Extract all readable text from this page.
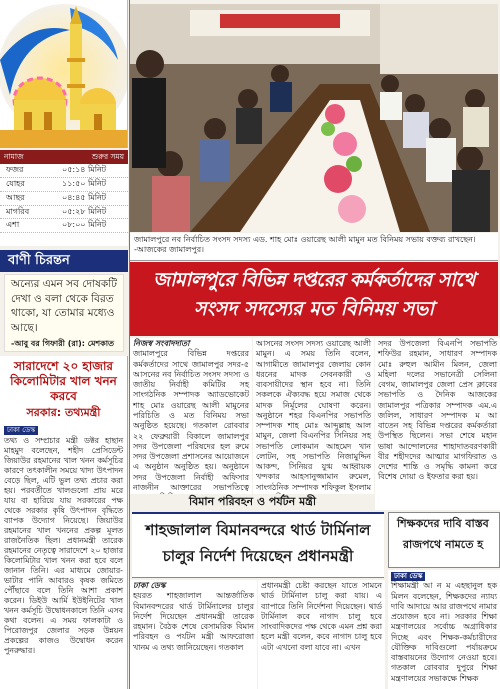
নামাজ	শুরুর সময়
ফজর	০৫:১৪ মিনিট
যোহর	১১:৫০ মিনিট
আছর	০৪:৪৫ মিনিট
মাগরিব	০৫:২৮ মিনিট
এশা	০৮:০০ মিনিট
বাণী চিরন্তন
অন্যের এমন সব দোষকটি দেখা ও বলা থেকে বিরত থাকো, যা তোমার মধ্যেও আছে।
-আবু বর গিফারী (রা): মেশকাত
সারাদেশে ২০ হাজার কিলোমিটার খাল খনন করবে
সরকার: তথ্যমন্ত্রী
ঢাকা ডেস্ক

তথ্য ও সম্প্রচার মন্ত্রী ডক্টর হাছান মাহমুদ বলেছেন, শহীদ প্রেসিডেন্ট জিয়াউর রহমানের খাল খনন কর্মসূচির কারণে তৎকালীন সময়ে খাদ্য উৎপাদন বেড়ে ছিল, এটি ভুল তথ্য প্রচার করা হয়। পরবর্তীতে খালগুলো প্রায় মরে যায় বা হারিয়ে যায় সরকারের পক্ষ থেকে সরকার কৃষি উৎপাদন বৃদ্ধিতে ব্যাপক উদ্যোগ নিয়েছে। জিয়াউর রহমানের খাল খননের প্রকল্প মূলত রাজনৈতিক ছিল। প্রধানমন্ত্রী তারেক রহমানের নেতৃত্বে সারাদেশে ২০ হাজার কিলোমিটার খাল খনন করা হবে বলে জানান তিনি। এর মাধ্যমে জোয়ার-ভাটার পানি আবারও কৃষক জমিতে পৌঁছাবে বলে তিনি আশা প্রকাশ করেন। ডিইউ আর্মি ইউইনিটের খাল খনন কর্মসূচি উদ্বোধনকালে তিনি এসব কথা বলেন। এ সময় ফালকাটা ও পিরোজপুর জেলার সড়ক উন্নয়ন প্রকল্পের কাজও উদ্বোধন করেন পুনরুদ্ধার।

জামালপুরে নব নির্বাচিত সংসদ সদস্য এড. শাহ মোঃ ওয়ারেছ আলী মামুন মত বিনিময় সভায় বক্তব্য রাখছেন। -আজকের জামালপুর।
জামালপুরে বিভিন্ন দপ্তরের কর্মকর্তাদের সাথে
সংসদ সদস্যের মত বিনিময় সভা
নিজস্ব সংবাদদাতা
জামালপুরে বিভিন্ন দপ্তরের কর্মকর্তাদের সাথে জামালপুর সদর-৫ আসনের নব নির্বাচিত সংসদ সদস্য ও জাতীয় নির্বাহী কমিটির সহ সাংগঠনিক সম্পাদক অ্যাডভোকেট শাহ মোঃ ওয়ারেছ আলী মামুনের পরিচিতি ও মত বিনিময় সভা অনুষ্ঠিত হয়েছে। গতকাল রোববার ২২ ফেব্রুয়ারী বিকালে জামালপুর সদর উপজেলা পরিষদের হল রুমে সদর উপজেলা প্রশাসনের আয়োজনে এ অনুষ্ঠান অনুষ্ঠিত হয়। অনুষ্ঠানে সদর উপজেলা নির্বাহী অফিসার নাজনীন আক্তারের সভাপতিত্বে
আসনের সংসদ সদস্য ওয়ারেছ আলী মামুন। এ সময় তিনি বলেন, আগামীতে জামালপুর জেলায় কোন ধরনের মাদক সেবনকারী ও ব্যবসায়ীদের স্থান হবে না। তিনি সকলকে ঐক্যবদ্ধ হয়ে সমাজ থেকে মাদক নির্মূলের ঘোষণা করেন। অনুষ্ঠানে শহর বিএনপির সভাপতি সম্পাদক শাহ মোঃ আব্দুল্লাহ আল মামুন, জেলা বিএনপির সিনিয়র সহ সভাপতি লোকমান আহমেদ খান লোটন, সহ সভাপতি নিজামুদ্দিন আকন্দ, সিনিয়র যুগ্ম আহ্বায়ক খন্দকার আহসানুজ্জামান রুমেল, সাংগঠনিক সম্পাদক শফিকুল ইসলাম
সদর উপজেলা বিএনপি সভাপতি শফিউর রহমান, সাধারণ সম্পাদক মোঃ রুহুল আমীন মিলন, জেলা মহিলা দলের সভানেত্রী সেলিনা বেগম, জামালপুর জেলা প্রেস ক্লাবের সভাপতি ও দৈনিক আজকের জামালপুর পত্রিকার সম্পাদক এম.এ জলিল, সাধারণ সম্পাদক ম আ বাতেন সহ বিভিন্ন দপ্তরের কর্মকর্তারা উপস্থিত ছিলেন। সভা শেষে মহান ভাষা আন্দোলনের শাহাদাতবরণকারী বীর শহীদদের আত্মার মাগফিরাত ও দেশের শান্তি ও সমৃদ্ধি কামনা করে বিশেষ দোয়া ও ইফতার করা হয়।
বিমান পরিবহন ও পর্যটন মন্ত্রী
শাহজালাল বিমানবন্দরে থার্ড টার্মিনাল
চালুর নির্দেশ দিয়েছেন প্রধানমন্ত্রী
ঢাকা ডেস্ক
হযরত শাহজালাল আন্তর্জাতিক বিমানবন্দরের থার্ড টার্মিনালের চালুর নির্দেশ দিয়েছেন প্রধানমন্ত্রী তারেক রহমান। বৈঠক শেষে বেসামরিক বিমান পরিবহন ও পর্যটন মন্ত্রী আফরোজা খানম এ তথ্য জানিয়েছেন। গতকাল
প্রধানমন্ত্রী চেষ্টা করছেন যাতে সামনে থার্ড টার্মিনাল চালু করা যায়। এ ব্যাপারে তিনি নির্দেশনা দিয়েছেন। থার্ড টার্মিনাল কবে নাগাদ চালু হবে সাংবাদিকদের পক্ষ থেকে এমন প্রশ্ন করা হলে মন্ত্রী বলেন, কবে নাগাদ চালু হবে এটা এখনো বলা যাবে না। এখন
শিক্ষকদের দাবি বাস্তব
রাজপথে নামতে হ
ঢাকা ডেস্ক
শিক্ষামন্ত্রী আ ন ম এহছানুল হক মিলন বলেছেন, শিক্ষকদের ন্যায্য দাবি আদায়ে আর রাজপথে নামার প্রয়োজন হবে না। সরকার শিক্ষা মন্ত্রণালয়ের সর্বোচ্চ অগ্রাধিকার দিচ্ছে এবং শিক্ষক-কর্মচারীদের যৌক্তিক দাবিগুলো পর্যায়ক্রমে বাস্তবায়নের উদ্যোগ নেওয়া হবে। গতকাল রোববার দুপুরে শিক্ষা মন্ত্রণালয়ের সভাকক্ষে শিক্ষক
